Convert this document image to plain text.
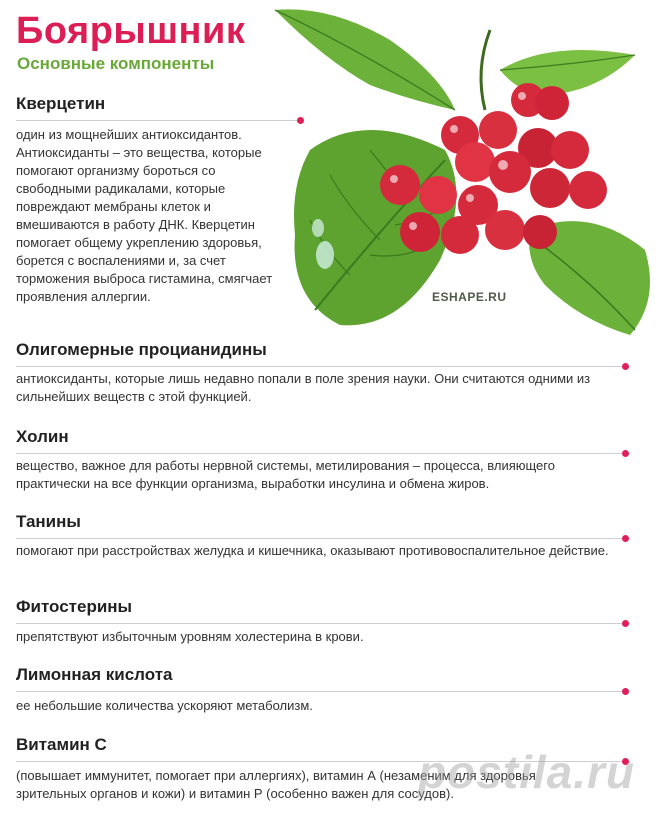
Боярышник
Основные компоненты
ESHAPE.RU
Кверцетин
один из мощнейших антиоксидантов. Антиоксиданты – это вещества, которые помогают организму бороться со свободными радикалами, которые повреждают мембраны клеток и вмешиваются в работу ДНК. Кверцетин помогает общему укреплению здоровья, борется с воспалениями и, за счет торможения выброса гистамина, смягчает проявления аллергии.
Олигомерные процианидины
антиоксиданты, которые лишь недавно попали в поле зрения науки. Они считаются одними из сильнейших веществ с этой функцией.
Холин
вещество, важное для работы нервной системы, метилирования – процесса, влияющего практически на все функции организма, выработки инсулина и обмена жиров.
Танины
помогают при расстройствах желудка и кишечника, оказывают противовоспалительное действие.
Фитостерины
препятствуют избыточным уровням холестерина в крови.
Лимонная кислота
ее небольшие количества ускоряют метаболизм.
Витамин С
(повышает иммунитет, помогает при аллергиях), витамин А (незаменим для здоровья зрительных органов и кожи) и витамин Р (особенно важен для сосудов).
postila.ru
